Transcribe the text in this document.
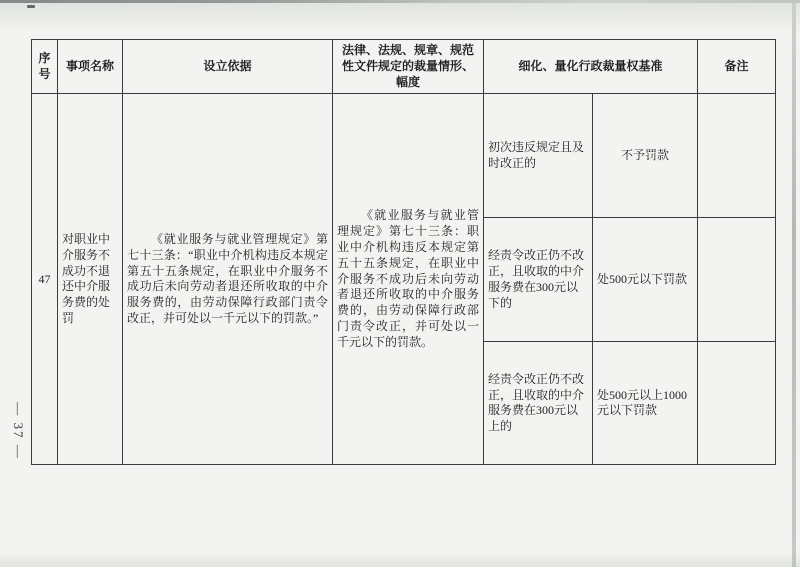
— 37 —
序号	事项名称	设立依据	法律、法规、规章、规范性文件规定的裁量情形、幅度	细化、量化行政裁量权基准		备注
47	对职业中介服务不成功不退还中介服务费的处罚	《就业服务与就业管理规定》第七十三条：“职业中介机构违反本规定第五十五条规定，在职业中介服务不成功后未向劳动者退还所收取的中介服务费的，由劳动保障行政部门责令改正，并可处以一千元以下的罚款。”	《就业服务与就业管理规定》第七十三条：职业中介机构违反本规定第五十五条规定，在职业中介服务不成功后未向劳动者退还所收取的中介服务费的，由劳动保障行政部门责令改正，并可处以一千元以下的罚款。	初次违反规定且及时改正的	不予罚款	
				经责令改正仍不改正，且收取的中介服务费在300元以下的	处500元以下罚款	
				经责令改正仍不改正，且收取的中介服务费在300元以上的	处500元以上1000元以下罚款	
